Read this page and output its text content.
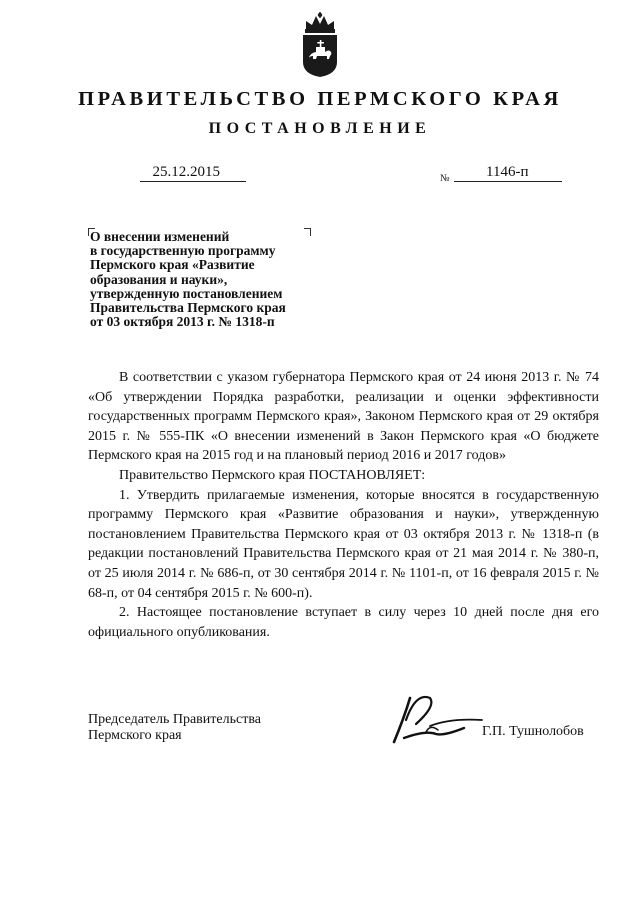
ПРАВИТЕЛЬСТВО ПЕРМСКОГО КРАЯ
ПОСТАНОВЛЕНИЕ
25.12.2015	№	1146-п
О внесении изменений
в государственную программу
Пермского края «Развитие
образования и науки»,
утвержденную постановлением
Правительства Пермского края
от 03 октября 2013 г. № 1318-п

В соответствии с указом губернатора Пермского края от 24 июня 2013 г. № 74 «Об утверждении Порядка разработки, реализации и оценки эффективности государственных программ Пермского края», Законом Пермского края от 29 октября 2015 г. № 555-ПК «О внесении изменений в Закон Пермского края «О бюджете Пермского края на 2015 год и на плановый период 2016 и 2017 годов»

Правительство Пермского края ПОСТАНОВЛЯЕТ:

1. Утвердить прилагаемые изменения, которые вносятся в государственную программу Пермского края «Развитие образования и науки», утвержденную постановлением Правительства Пермского края от 03 октября 2013 г. № 1318-п (в редакции постановлений Правительства Пермского края от 21 мая 2014 г. № 380-п, от 25 июля 2014 г. № 686-п, от 30 сентября 2014 г. № 1101-п, от 16 февраля 2015 г. № 68-п, от 04 сентября 2015 г. № 600-п).

2. Настоящее постановление вступает в силу через 10 дней после дня его официального опубликования.

Председатель Правительства
Пермского края	Г.П. Тушнолобов
